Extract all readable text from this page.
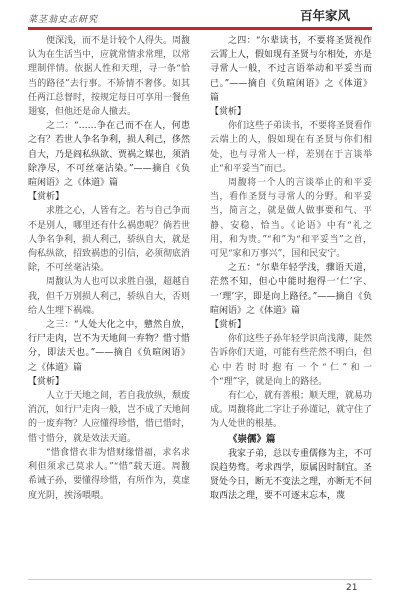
菜茎翁史志研究	百年家风

便深浅，而不是计较个人得失。周馥认为在生活当中，应就常情求常理，以常理制伴情。依据人性和天理，寻一条“恰当的路径”去行事。不矫情不奢侈。如其任两江总督时，按规定每日可享用一餐鱼翅宴，但他还是命人撤去。

之二：“……争在己而不在人，何患之有？若世人争名争利，损人利己，侈然自大，乃是阎私纵欲、贾祸之媒也，须消除净尽，不可丝毫沾染。”——摘自《负暄闲语》之《体道》篇

【赏析】

求胜之心，人皆有之。若与自己争而不是别人，哪里还有什么祸患呢？倘若世人争名争利，损人利己，骄纵自大，就是佝私纵欲，招致祸患的引信，必须彻底消除，不可丝毫沾染。

周馥认为人也可以求胜自强，超越自我，但千万别损人利己，骄纵自大，否则给人生埋下祸端。

之三：“人处大化之中，戆然自放，行尸走肉，岂不为天地间一弃物？惜寸惜分，即法天也。”——摘自《负暄闲语》之《体道》篇

【赏析】

人立于天地之间，若自我放纵，颓废消沉，如行尸走肉一般，岂不成了天地间的一废弃物？人应懂得珍惜，惜已惜时，惜寸惜分，就是效法天道。

“惜食惜衣非为惜财缘惜福，求名求利但须求己莫求人。”“惜”载天道。周馥希诫子孙，要懂得珍惜，有所作为，莫虚度光阴，挨汤喂喂。

之四：“尔辈读书，不要将圣贤视作云霄上人，假如现有圣贤与尔相处，亦是寻常人一般，不过言语举动和平妥当而已。”——摘自《负暄闲语》之《体道》篇

【赏析】

你们这些子弟读书，不要将圣贤看作云端上的人，假如现在有圣贤与你们相处，也与寻常人一样，差别在于言谈举止“和平妥当”而已。

周馥将一个人的言谈举止的和平妥当，看作圣贤与寻常人的分野。和平妥当，简言之，就是做人做事要和气、平静、安稳、恰当。《论语》中有“礼之用，和为贵。”“和”为“和平妥当”之首，可见“家和万事兴”，国和民安宁。

之五：“尔辈年轻学浅，骤语天道，茫然不知，但心中能时抱得一‘仁’字、一‘理’字，即是向上路径。”——摘自《负暄闲语》之《体道》篇

【赏析】

你们这些子孙年轻学识尚浅薄，陡然告诉你们天道，可能有些茫然不明白，但心中若时时抱有一个“仁”和一个“理”字，就是向上的路径。

有仁心，就有善根；顺天理，就易功成。周馥将此二字让子孙谨记，就守住了为人处世的根基。

《崇儒》篇

我家子弟，总以专重儒修为主，不可误趋势骛。考求西学，原属因时制宜。圣贤处今日，断无不变法之理，亦断无不问取西法之理，要不可逐末忘本，蔑

21
